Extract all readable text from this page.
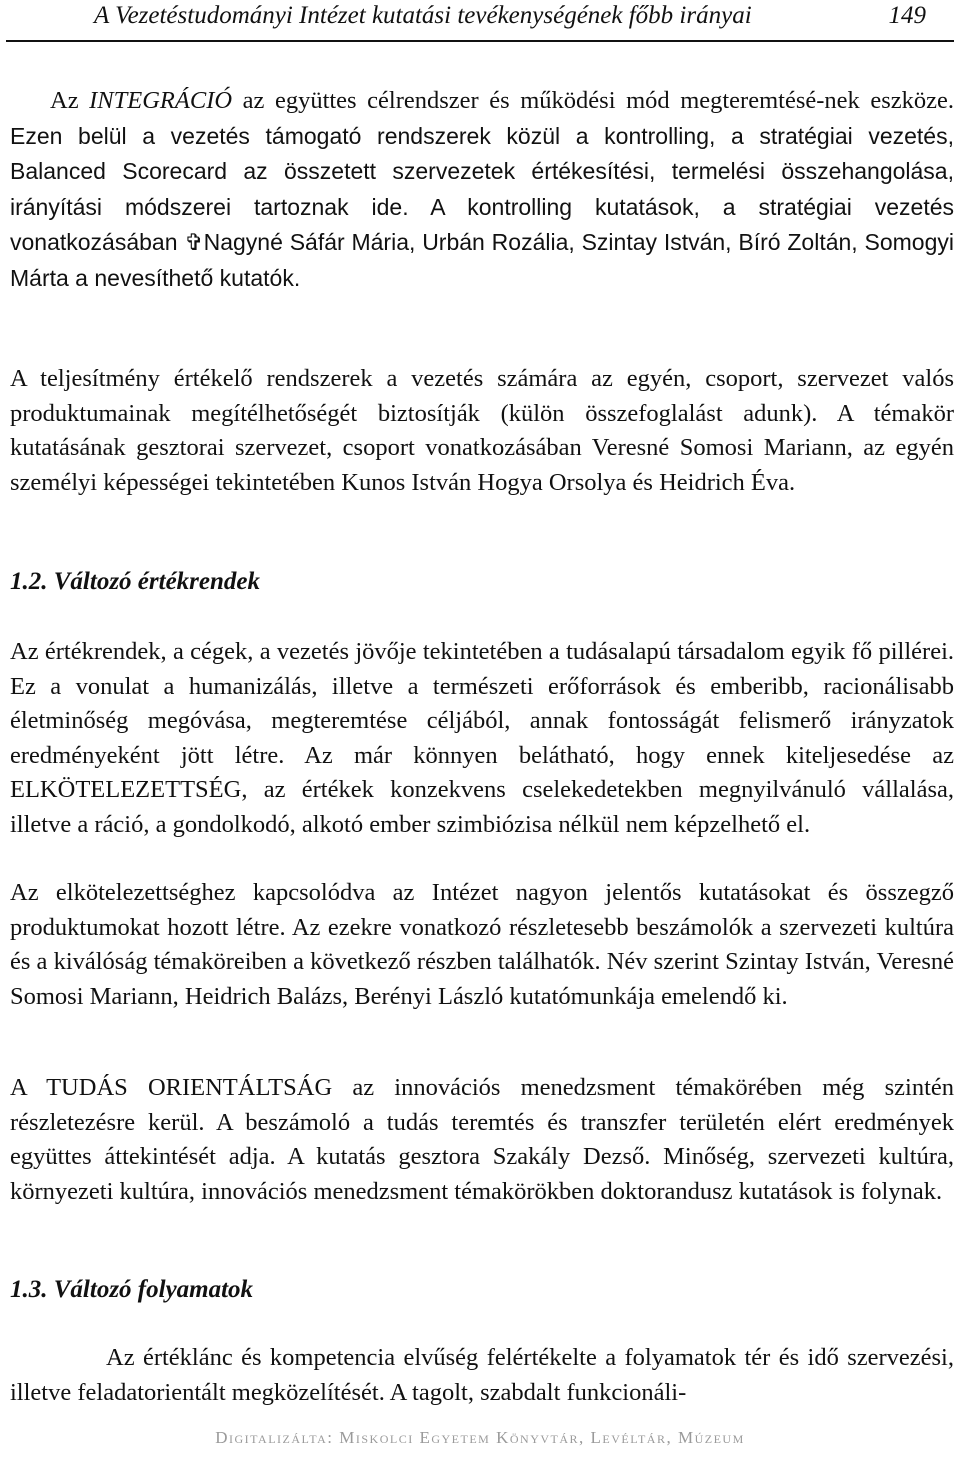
A Vezetéstudományi Intézet kutatási tevékenységének főbb irányai	149

Az INTEGRÁCIÓ az együttes célrendszer és működési mód megteremtésé-nek eszköze. Ezen belül a vezetés támogató rendszerek közül a kontrolling, a stratégiai vezetés, Balanced Scorecard az összetett szervezetek értékesítési, termelési összehangolása, irányítási módszerei tartoznak ide. A kontrolling kutatások, a stratégiai vezetés vonatkozásában ✞Nagyné Sáfár Mária, Urbán Rozália, Szintay István, Bíró Zoltán, Somogyi Márta a nevesíthető kutatók.

A teljesítmény értékelő rendszerek a vezetés számára az egyén, csoport, szervezet valós produktumainak megítélhetőségét biztosítják (külön összefoglalást adunk). A témakör kutatásának gesztorai szervezet, csoport vonatkozásában Veresné Somosi Mariann, az egyén személyi képességei tekintetében Kunos István Hogya Orsolya és Heidrich Éva.

1.2. Változó értékrendek

Az értékrendek, a cégek, a vezetés jövője tekintetében a tudásalapú társadalom egyik fő pillérei. Ez a vonulat a humanizálás, illetve a természeti erőforrások és emberibb, racionálisabb életminőség megóvása, megteremtése céljából, annak fontosságát felismerő irányzatok eredményeként jött létre. Az már könnyen belátható, hogy ennek kiteljesedése az ELKÖTELEZETTSÉG, az értékek konzekvens cselekedetekben megnyilvánuló vállalása, illetve a ráció, a gondolkodó, alkotó ember szimbiózisa nélkül nem képzelhető el.

Az elkötelezettséghez kapcsolódva az Intézet nagyon jelentős kutatásokat és összegző produktumokat hozott létre. Az ezekre vonatkozó részletesebb beszámolók a szervezeti kultúra és a kiválóság témaköreiben a következő részben találhatók. Név szerint Szintay István, Veresné Somosi Mariann, Heidrich Balázs, Berényi László kutatómunkája emelendő ki.

A TUDÁS ORIENTÁLTSÁG az innovációs menedzsment témakörében még szintén részletezésre kerül. A beszámoló a tudás teremtés és transzfer területén elért eredmények együttes áttekintését adja. A kutatás gesztora Szakály Dezső. Minőség, szervezeti kultúra, környezeti kultúra, innovációs menedzsment témakörökben doktorandusz kutatások is folynak.

1.3. Változó folyamatok

Az értéklánc és kompetencia elvűség felértékelte a folyamatok tér és idő szervezési, illetve feladatorientált megközelítését. A tagolt, szabdalt funkcionáli-

Digitalizálta: Miskolci Egyetem Könyvtár, Levéltár, Múzeum
